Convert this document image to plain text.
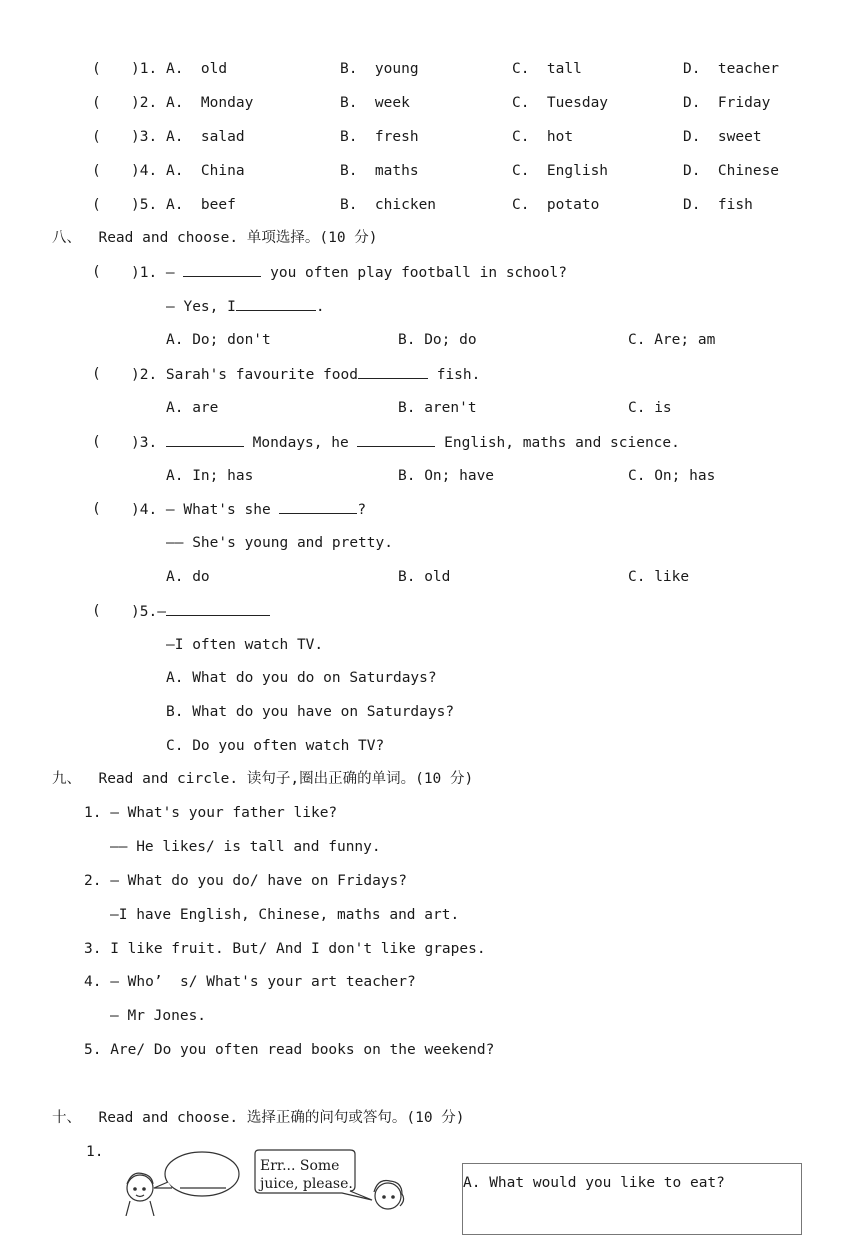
( )1. A.  old	B.  young	C.  tall	D.  teacher
( )2. A.  Monday	B.  week	C.  Tuesday	D.  Friday
( )3. A.  salad	B.  fresh	C.  hot	D.  sweet
( )4. A.  China	B.  maths	C.  English	D.  Chinese
( )5. A.  beef	B.  chicken	C.  potato	D.  fish
八、  Read and choose. 单项选择。(10 分)
( )1. —	you often play football in school?
— Yes, I	.
A. Do; don't	B. Do; do	C. Are; am
( )2. Sarah's favourite food	fish.
A. are	B. aren't	C. is
( )3.	Mondays, he	English, maths and science.
A. In; has	B. On; have	C. On; has
( )4. — What's she	?
—— She's young and pretty.
A. do	B. old	C. like
( )5.—
—I often watch TV.
A. What do you do on Saturdays?
B. What do you have on Saturdays?
C. Do you often watch TV?
九、  Read and circle. 读句子,圈出正确的单词。(10 分)
1. — What's your father like?
—— He likes/ is tall and funny.
2. — What do you do/ have on Fridays?
—I have English, Chinese, maths and art.
3. I like fruit. But/ And I don't like grapes.
4. — Who’  s/ What's your art teacher?
— Mr Jones.
5. Are/ Do you often read books on the weekend?
十、  Read and choose. 选择正确的问句或答句。(10 分)
1.
Err... Some
juice, please.	A. What would you like to eat?
